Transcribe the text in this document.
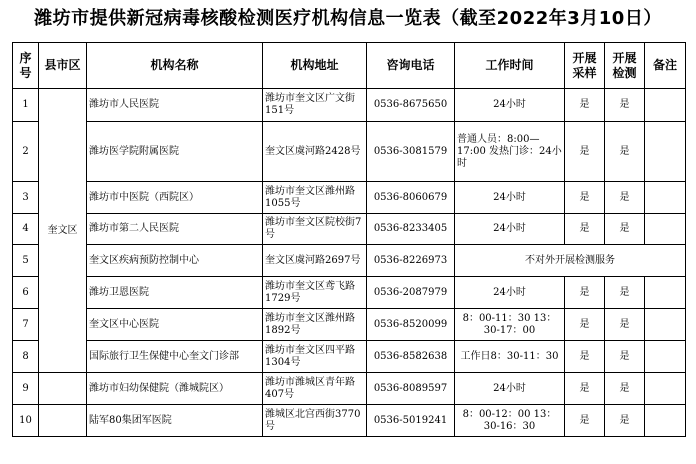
潍坊市提供新冠病毒核酸检测医疗机构信息一览表（截至2022年3月10日）
序号	县市区	机构名称	机构地址	咨询电话	工作时间	开展采样	开展检测	备注
1	奎文区	潍坊市人民医院	潍坊市奎文区广文街151号	0536-8675650	24小时	是	是	
2		潍坊医学院附属医院	奎文区虞河路2428号	0536-3081579	普通人员：8:00—17:00 发热门诊：24小时	是	是	
3		潍坊市中医院（西院区）	潍坊市奎文区潍州路1055号	0536-8060679	24小时	是	是	
4		潍坊市第二人民医院	潍坊市奎文区院校街7号	0536-8233405	24小时	是	是	
5		奎文区疾病预防控制中心	奎文区虞河路2697号	0536-8226973	不对外开展检测服务			
6		潍坊卫恩医院	潍坊市奎文区鸢飞路1729号	0536-2087979	24小时	是	是	
7		奎文区中心医院	潍坊市奎文区潍州路1892号	0536-8520099	8：00-11：30 13：30-17：00	是	是	
8		国际旅行卫生保健中心奎文门诊部	潍坊市奎文区四平路1304号	0536-8582638	工作日8：30-11：30	是	是	
9		潍坊市妇幼保健院（潍城院区）	潍坊市潍城区青年路407号	0536-8089597	24小时	是	是	
10		陆军80集团军医院	潍城区北宫西街3770号	0536-5019241	8：00-12：00 13：30-16：30	是	是	
